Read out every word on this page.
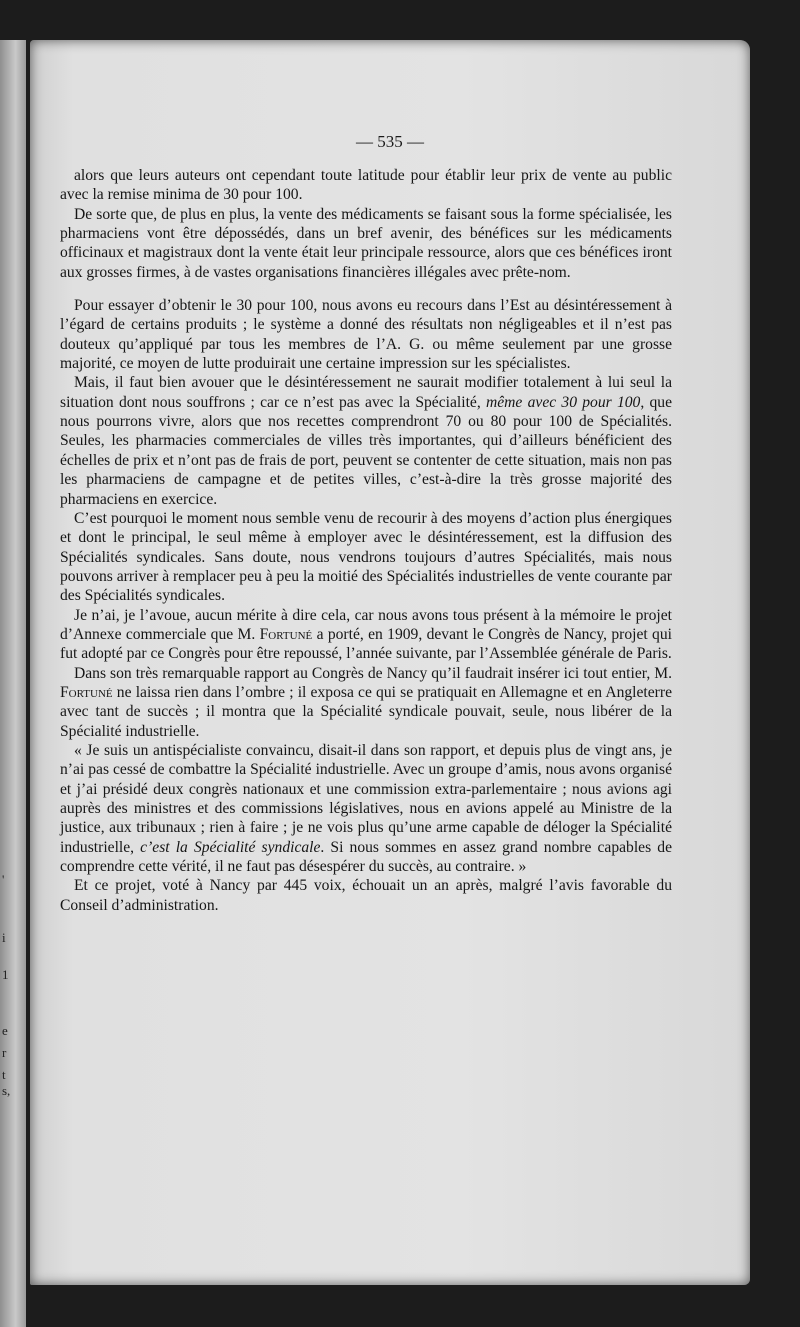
'
i
1
e
r
t
s,
— 535 —

alors que leurs auteurs ont cependant toute latitude pour établir leur prix de vente au public avec la remise minima de 30 pour 100.

De sorte que, de plus en plus, la vente des médicaments se faisant sous la forme spécialisée, les pharmaciens vont être dépossédés, dans un bref avenir, des bénéfices sur les médicaments officinaux et magistraux dont la vente était leur principale ressource, alors que ces bénéfices iront aux grosses firmes, à de vastes organisations financières illégales avec prête-nom.

Pour essayer d’obtenir le 30 pour 100, nous avons eu recours dans l’Est au désintéressement à l’égard de certains produits ; le système a donné des résultats non négligeables et il n’est pas douteux qu’appliqué par tous les membres de l’A. G. ou même seulement par une grosse majorité, ce moyen de lutte produirait une certaine impression sur les spécialistes.

Mais, il faut bien avouer que le désintéressement ne saurait modifier totalement à lui seul la situation dont nous souffrons ; car ce n’est pas avec la Spécialité, même avec 30 pour 100, que nous pourrons vivre, alors que nos recettes comprendront 70 ou 80 pour 100 de Spécialités. Seules, les pharmacies commerciales de villes très importantes, qui d’ailleurs bénéficient des échelles de prix et n’ont pas de frais de port, peuvent se contenter de cette situation, mais non pas les pharmaciens de campagne et de petites villes, c’est-à-dire la très grosse majorité des pharmaciens en exercice.

C’est pourquoi le moment nous semble venu de recourir à des moyens d’action plus énergiques et dont le principal, le seul même à employer avec le désintéressement, est la diffusion des Spécialités syndicales. Sans doute, nous vendrons toujours d’autres Spécialités, mais nous pouvons arriver à remplacer peu à peu la moitié des Spécialités industrielles de vente courante par des Spécialités syndicales.

Je n’ai, je l’avoue, aucun mérite à dire cela, car nous avons tous présent à la mémoire le projet d’Annexe commerciale que M. Fortuné a porté, en 1909, devant le Congrès de Nancy, projet qui fut adopté par ce Congrès pour être repoussé, l’année suivante, par l’Assemblée générale de Paris.

Dans son très remarquable rapport au Congrès de Nancy qu’il faudrait insérer ici tout entier, M. Fortuné ne laissa rien dans l’ombre ; il exposa ce qui se pratiquait en Allemagne et en Angleterre avec tant de succès ; il montra que la Spécialité syndicale pouvait, seule, nous libérer de la Spécialité industrielle.

« Je suis un antispécialiste convaincu, disait-il dans son rapport, et depuis plus de vingt ans, je n’ai pas cessé de combattre la Spécialité industrielle. Avec un groupe d’amis, nous avons organisé et j’ai présidé deux congrès nationaux et une commission extra-parlementaire ; nous avions agi auprès des ministres et des commissions législatives, nous en avions appelé au Ministre de la justice, aux tribunaux ; rien à faire ; je ne vois plus qu’une arme capable de déloger la Spécialité industrielle, c’est la Spécialité syndicale. Si nous sommes en assez grand nombre capables de comprendre cette vérité, il ne faut pas désespérer du succès, au contraire. »

Et ce projet, voté à Nancy par 445 voix, échouait un an après, malgré l’avis favorable du Conseil d’administration.
